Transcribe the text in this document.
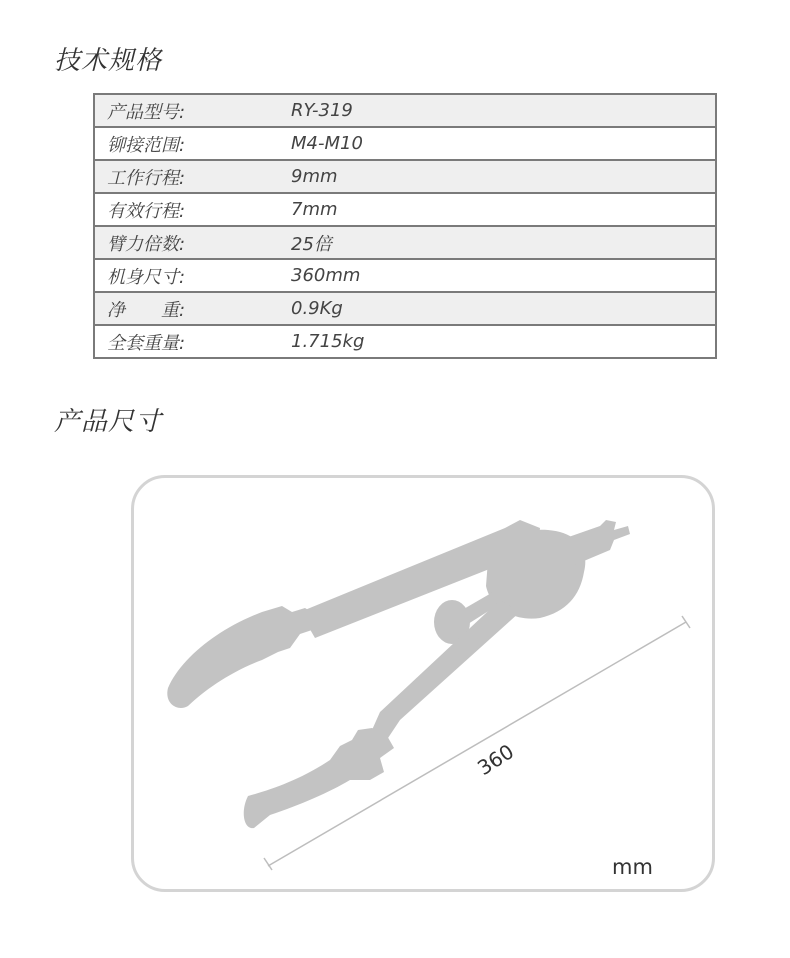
技术规格
产品型号:	RY-319
铆接范围:	M4-M10
工作行程:	9mm
有效行程:	7mm
臂力倍数:	25倍
机身尺寸:	360mm
净　　重:	0.9Kg
全套重量:	1.715kg
产品尺寸
360
mm
